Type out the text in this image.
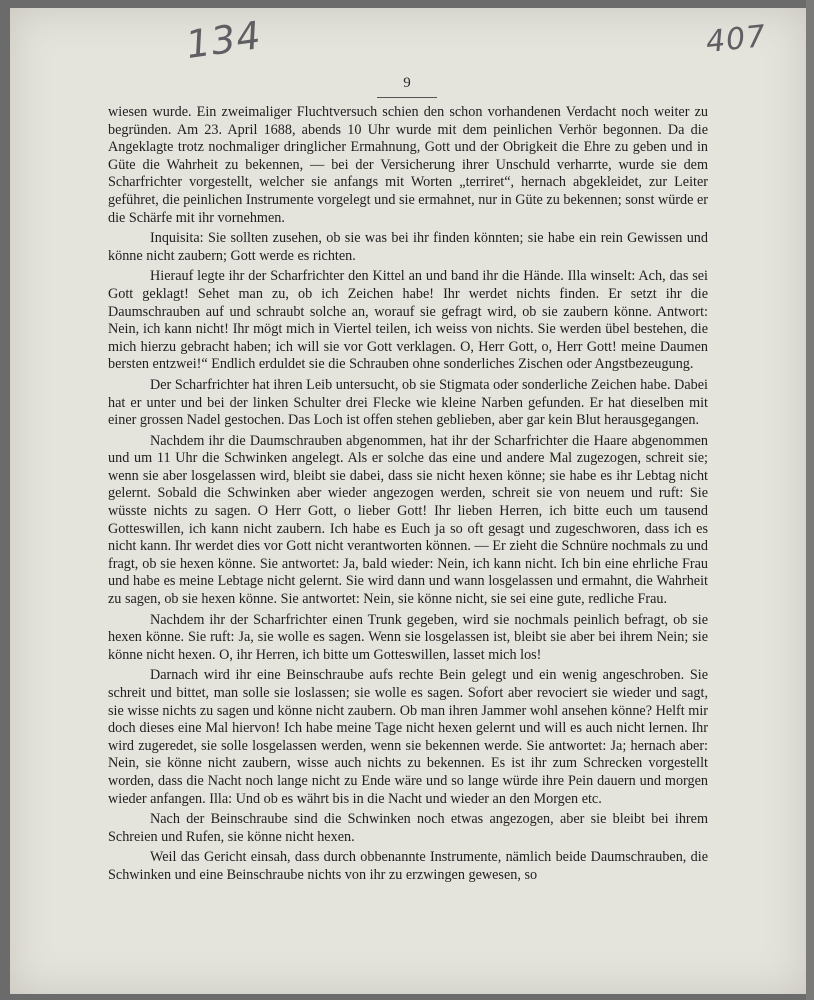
134	407
9

wiesen wurde. Ein zweimaliger Fluchtversuch schien den schon vorhandenen Verdacht noch weiter zu begründen. Am 23. April 1688, abends 10 Uhr wurde mit dem peinlichen Verhör begonnen. Da die Angeklagte trotz nochmaliger dringlicher Ermahnung, Gott und der Obrigkeit die Ehre zu geben und in Güte die Wahrheit zu bekennen, — bei der Versicherung ihrer Unschuld verharrte, wurde sie dem Scharfrichter vorgestellt, welcher sie anfangs mit Worten „terriret“, hernach abgekleidet, zur Leiter geführet, die peinlichen Instrumente vorgelegt und sie ermahnet, nur in Güte zu bekennen; sonst würde er die Schärfe mit ihr vornehmen.

Inquisita: Sie sollten zusehen, ob sie was bei ihr finden könnten; sie habe ein rein Gewissen und könne nicht zaubern; Gott werde es richten.

Hierauf legte ihr der Scharfrichter den Kittel an und band ihr die Hände. Illa winselt: Ach, das sei Gott geklagt! Sehet man zu, ob ich Zeichen habe! Ihr werdet nichts finden. Er setzt ihr die Daumschrauben auf und schraubt solche an, worauf sie gefragt wird, ob sie zaubern könne. Antwort: Nein, ich kann nicht! Ihr mögt mich in Viertel teilen, ich weiss von nichts. Sie werden übel bestehen, die mich hierzu gebracht haben; ich will sie vor Gott verklagen. O, Herr Gott, o, Herr Gott! meine Daumen bersten entzwei!“ Endlich erduldet sie die Schrauben ohne sonderliches Zischen oder Angstbezeugung.

Der Scharfrichter hat ihren Leib untersucht, ob sie Stigmata oder sonderliche Zeichen habe. Dabei hat er unter und bei der linken Schulter drei Flecke wie kleine Narben gefunden. Er hat dieselben mit einer grossen Nadel gestochen. Das Loch ist offen stehen geblieben, aber gar kein Blut herausgegangen.

Nachdem ihr die Daumschrauben abgenommen, hat ihr der Scharfrichter die Haare abgenommen und um 11 Uhr die Schwinken angelegt. Als er solche das eine und andere Mal zugezogen, schreit sie; wenn sie aber losgelassen wird, bleibt sie dabei, dass sie nicht hexen könne; sie habe es ihr Lebtag nicht gelernt. Sobald die Schwinken aber wieder angezogen werden, schreit sie von neuem und ruft: Sie wüsste nichts zu sagen. O Herr Gott, o lieber Gott! Ihr lieben Herren, ich bitte euch um tausend Gotteswillen, ich kann nicht zaubern. Ich habe es Euch ja so oft gesagt und zugeschworen, dass ich es nicht kann. Ihr werdet dies vor Gott nicht verantworten können. — Er zieht die Schnüre nochmals zu und fragt, ob sie hexen könne. Sie antwortet: Ja, bald wieder: Nein, ich kann nicht. Ich bin eine ehrliche Frau und habe es meine Lebtage nicht gelernt. Sie wird dann und wann losgelassen und ermahnt, die Wahrheit zu sagen, ob sie hexen könne. Sie antwortet: Nein, sie könne nicht, sie sei eine gute, redliche Frau.

Nachdem ihr der Scharfrichter einen Trunk gegeben, wird sie nochmals peinlich befragt, ob sie hexen könne. Sie ruft: Ja, sie wolle es sagen. Wenn sie losgelassen ist, bleibt sie aber bei ihrem Nein; sie könne nicht hexen. O, ihr Herren, ich bitte um Gotteswillen, lasset mich los!

Darnach wird ihr eine Beinschraube aufs rechte Bein gelegt und ein wenig angeschroben. Sie schreit und bittet, man solle sie loslassen; sie wolle es sagen. Sofort aber revociert sie wieder und sagt, sie wisse nichts zu sagen und könne nicht zaubern. Ob man ihren Jammer wohl ansehen könne? Helft mir doch dieses eine Mal hiervon! Ich habe meine Tage nicht hexen gelernt und will es auch nicht lernen. Ihr wird zugeredet, sie solle losgelassen werden, wenn sie bekennen werde. Sie antwortet: Ja; hernach aber: Nein, sie könne nicht zaubern, wisse auch nichts zu bekennen. Es ist ihr zum Schrecken vorgestellt worden, dass die Nacht noch lange nicht zu Ende wäre und so lange würde ihre Pein dauern und morgen wieder anfangen. Illa: Und ob es währt bis in die Nacht und wieder an den Morgen etc.

Nach der Beinschraube sind die Schwinken noch etwas angezogen, aber sie bleibt bei ihrem Schreien und Rufen, sie könne nicht hexen.

Weil das Gericht einsah, dass durch obbenannte Instrumente, nämlich beide Daumschrauben, die Schwinken und eine Beinschraube nichts von ihr zu erzwingen gewesen, so
